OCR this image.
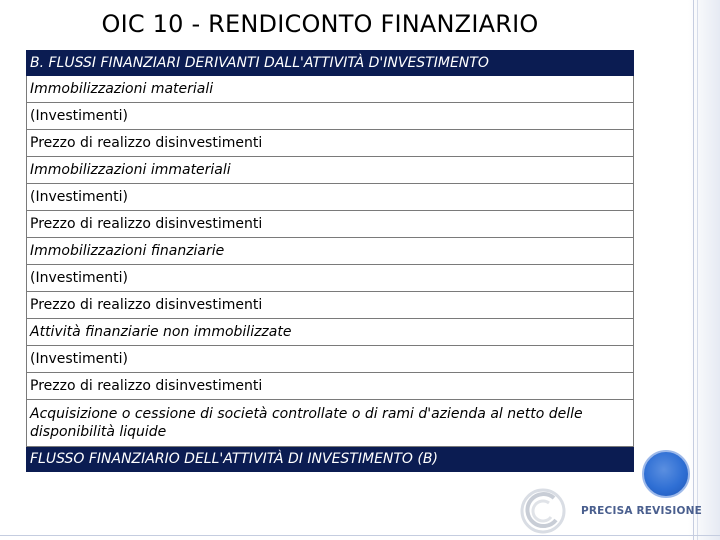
OIC 10 - RENDICONTO FINANZIARIO
B. FLUSSI FINANZIARI DERIVANTI DALL'ATTIVITÀ D'INVESTIMENTO
Immobilizzazioni materiali
(Investimenti)
Prezzo di realizzo disinvestimenti
Immobilizzazioni immateriali
(Investimenti)
Prezzo di realizzo disinvestimenti
Immobilizzazioni finanziarie
(Investimenti)
Prezzo di realizzo disinvestimenti
Attività finanziarie non immobilizzate
(Investimenti)
Prezzo di realizzo disinvestimenti
Acquisizione o cessione di società controllate o di rami d'azienda al netto delle disponibilità liquide
FLUSSO FINANZIARIO DELL'ATTIVITÀ DI INVESTIMENTO (B)
PRECISA REVISIONE
